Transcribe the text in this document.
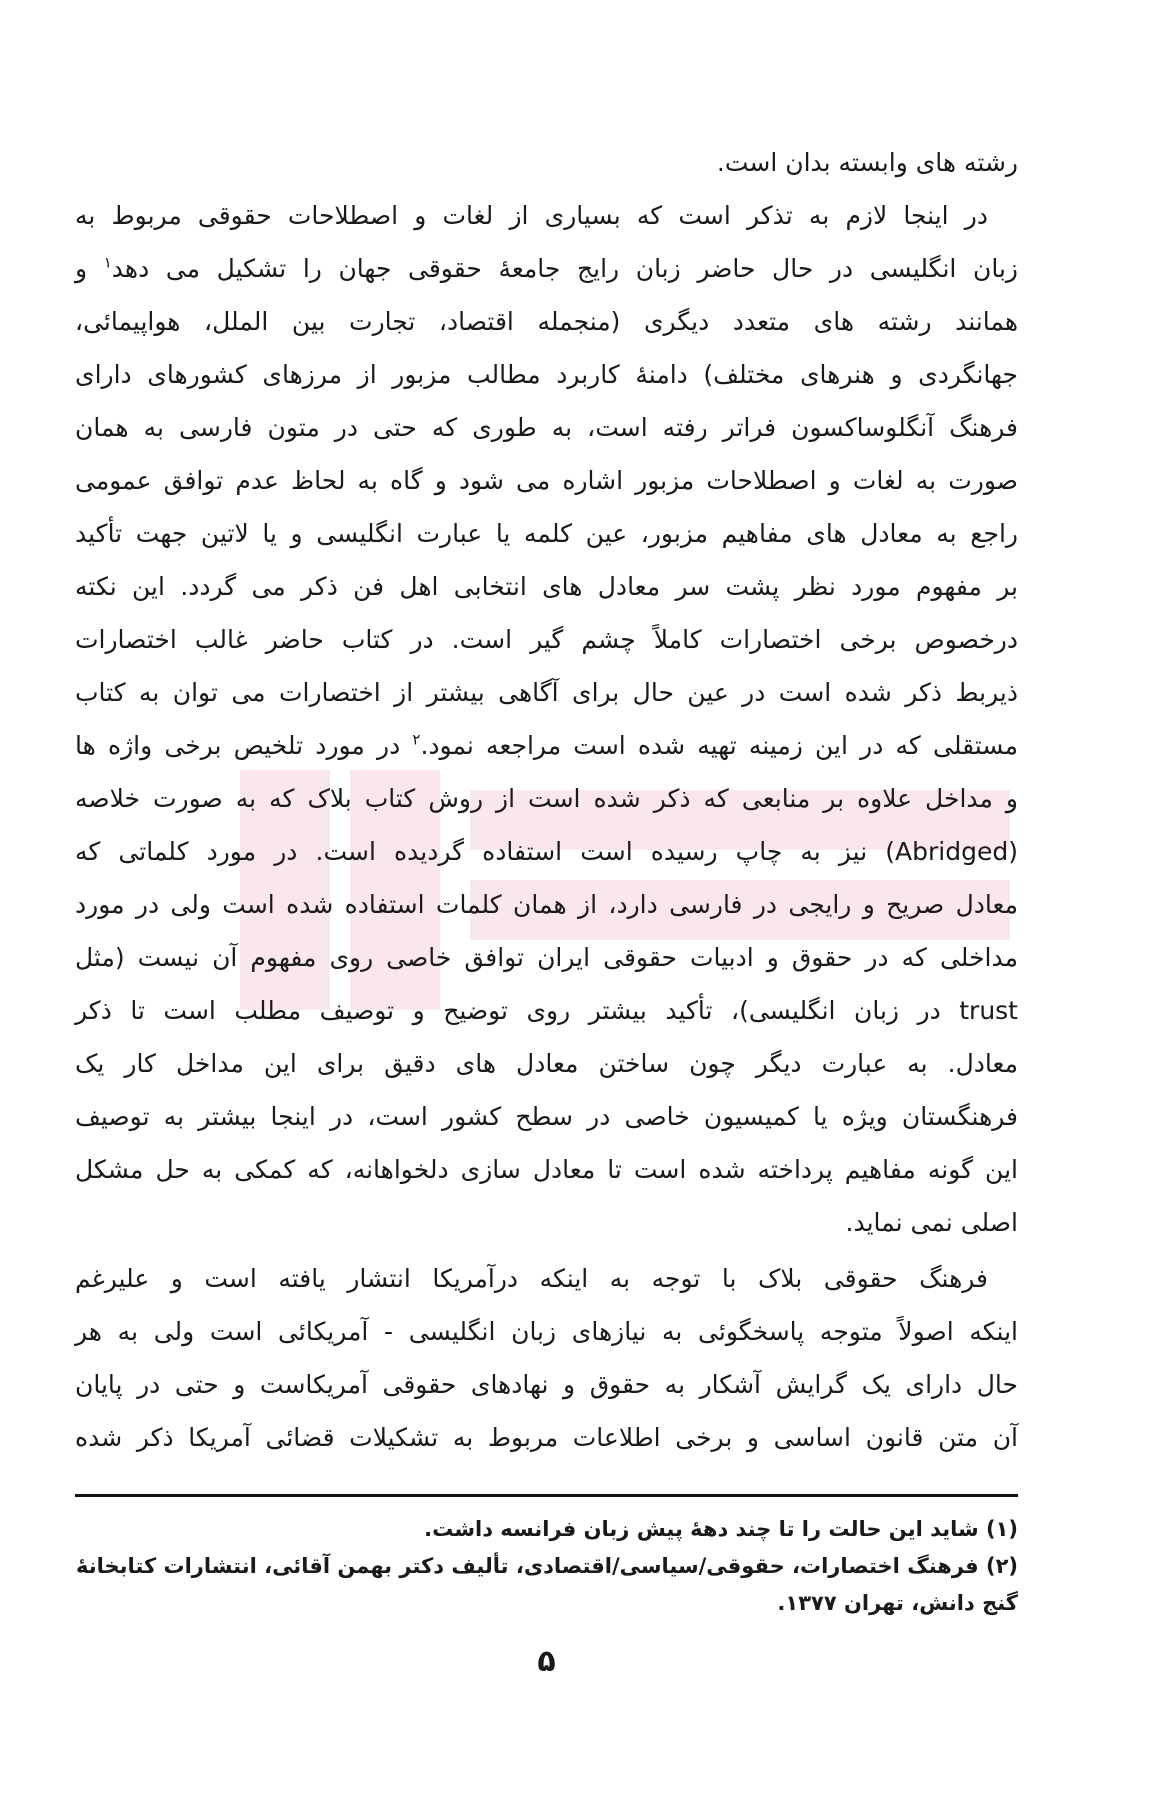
رشته های وابسته بدان است.
در اینجا لازم به تذکر است که بسیاری از لغات و اصطلاحات حقوقی مربوط به
زبان انگلیسی در حال حاضر زبان رایج جامعهٔ حقوقی جهان را تشکیل می دهد$^۱$ و
همانند رشته های متعدد دیگری (منجمله اقتصاد، تجارت بین الملل، هواپیمائی،
جهانگردی و هنرهای مختلف) دامنهٔ کاربرد مطالب مزبور از مرزهای کشورهای دارای
فرهنگ آنگلوساکسون فراتر رفته است، به طوری که حتی در متون فارسی به همان
صورت به لغات و اصطلاحات مزبور اشاره می شود و گاه به لحاظ عدم توافق عمومی
راجع به معادل های مفاهیم مزبور، عین کلمه یا عبارت انگلیسی و یا لاتین جهت تأکید
بر مفهوم مورد نظر پشت سر معادل های انتخابی اهل فن ذکر می گردد. این نکته
درخصوص برخی اختصارات کاملاً چشم گیر است. در کتاب حاضر غالب اختصارات
ذیربط ذکر شده است در عین حال برای آگاهی بیشتر از اختصارات می توان به کتاب
مستقلی که در این زمینه تهیه شده است مراجعه نمود.$^۲$ در مورد تلخیص برخی واژه ها
و مداخل علاوه بر منابعی که ذکر شده است از روش کتاب بلاک که به صورت خلاصه
(Abridged) نیز به چاپ رسیده است استفاده گردیده است. در مورد کلماتی که
معادل صریح و رایجی در فارسی دارد، از همان کلمات استفاده شده است ولی در مورد
مداخلی که در حقوق و ادبیات حقوقی ایران توافق خاصی روی مفهوم آن نیست (مثل
trust در زبان انگلیسی)، تأکید بیشتر روی توضیح و توصیف مطلب است تا ذکر
معادل. به عبارت دیگر چون ساختن معادل های دقیق برای این مداخل کار یک
فرهنگستان ویژه یا کمیسیون خاصی در سطح کشور است، در اینجا بیشتر به توصیف
این گونه مفاهیم پرداخته شده است تا معادل سازی دلخواهانه، که کمکی به حل مشکل
اصلی نمی نماید.
فرهنگ حقوقی بلاک با توجه به اینکه درآمریکا انتشار یافته است و علیرغم
اینکه اصولاً متوجه پاسخگوئی به نیازهای زبان انگلیسی - آمریکائی است ولی به هر
حال دارای یک گرایش آشکار به حقوق و نهادهای حقوقی آمریکاست و حتی در پایان
آن متن قانون اساسی و برخی اطلاعات مربوط به تشکیلات قضائی آمریکا ذکر شده
(۱) شاید این حالت را تا چند دههٔ پیش زبان فرانسه داشت.
(۲) فرهنگ اختصارات، حقوقی/سیاسی/اقتصادی، تألیف دکتر بهمن آقائی، انتشارات کتابخانهٔ
گنج دانش، تهران ۱۳۷۷.
۵
